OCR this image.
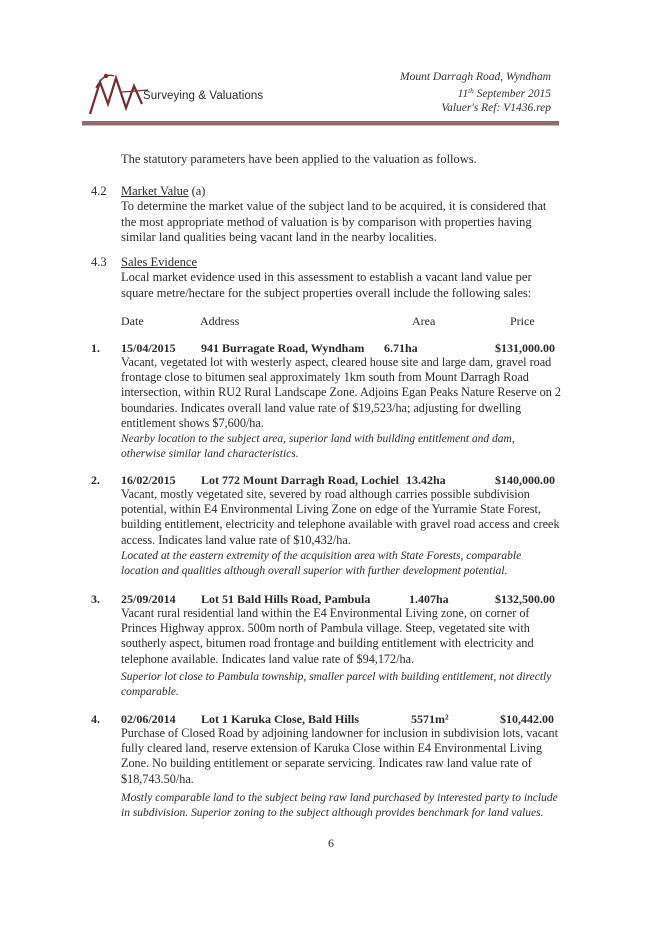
Surveying & Valuations
Mount Darragh Road, Wyndham
11th September 2015
Valuer's Ref: V1436.rep

The statutory parameters have been applied to the valuation as follows.

4.2 Market Value (a)

To determine the market value of the subject land to be acquired, it is considered that the most appropriate method of valuation is by comparison with properties having similar land qualities being vacant land in the nearby localities.

4.3 Sales Evidence

Local market evidence used in this assessment to establish a vacant land value per square metre/hectare for the subject properties overall include the following sales:

Date	Address	Area	Price
1. 15/04/2015 941 Burragate Road, Wyndham 6.71ha	$131,000.00

Vacant, vegetated lot with westerly aspect, cleared house site and large dam, gravel road frontage close to bitumen seal approximately 1km south from Mount Darragh Road intersection, within RU2 Rural Landscape Zone. Adjoins Egan Peaks Nature Reserve on 2 boundaries. Indicates overall land value rate of $19,523/ha; adjusting for dwelling entitlement shows $7,600/ha.

Nearby location to the subject area, superior land with building entitlement and dam, otherwise similar land characteristics.

2. 16/02/2015 Lot 772 Mount Darragh Road, Lochiel 13.42ha	$140,000.00

Vacant, mostly vegetated site, severed by road although carries possible subdivision potential, within E4 Environmental Living Zone on edge of the Yurramie State Forest, building entitlement, electricity and telephone available with gravel road access and creek access. Indicates land value rate of $10,432/ha.

Located at the eastern extremity of the acquisition area with State Forests, comparable location and qualities although overall superior with further development potential.

3. 25/09/2014 Lot 51 Bald Hills Road, Pambula	1.407ha	$132,500.00

Vacant rural residential land within the E4 Environmental Living zone, on corner of Princes Highway approx. 500m north of Pambula village. Steep, vegetated site with southerly aspect, bitumen road frontage and building entitlement with electricity and telephone available. Indicates land value rate of $94,172/ha.

Superior lot close to Pambula township, smaller parcel with building entitlement, not directly comparable.

4. 02/06/2014 Lot 1 Karuka Close, Bald Hills	5571m²	$10,442.00

Purchase of Closed Road by adjoining landowner for inclusion in subdivision lots, vacant fully cleared land, reserve extension of Karuka Close within E4 Environmental Living Zone. No building entitlement or separate servicing. Indicates raw land value rate of $18,743.50/ha.

Mostly comparable land to the subject being raw land purchased by interested party to include in subdivision. Superior zoning to the subject although provides benchmark for land values.

6
